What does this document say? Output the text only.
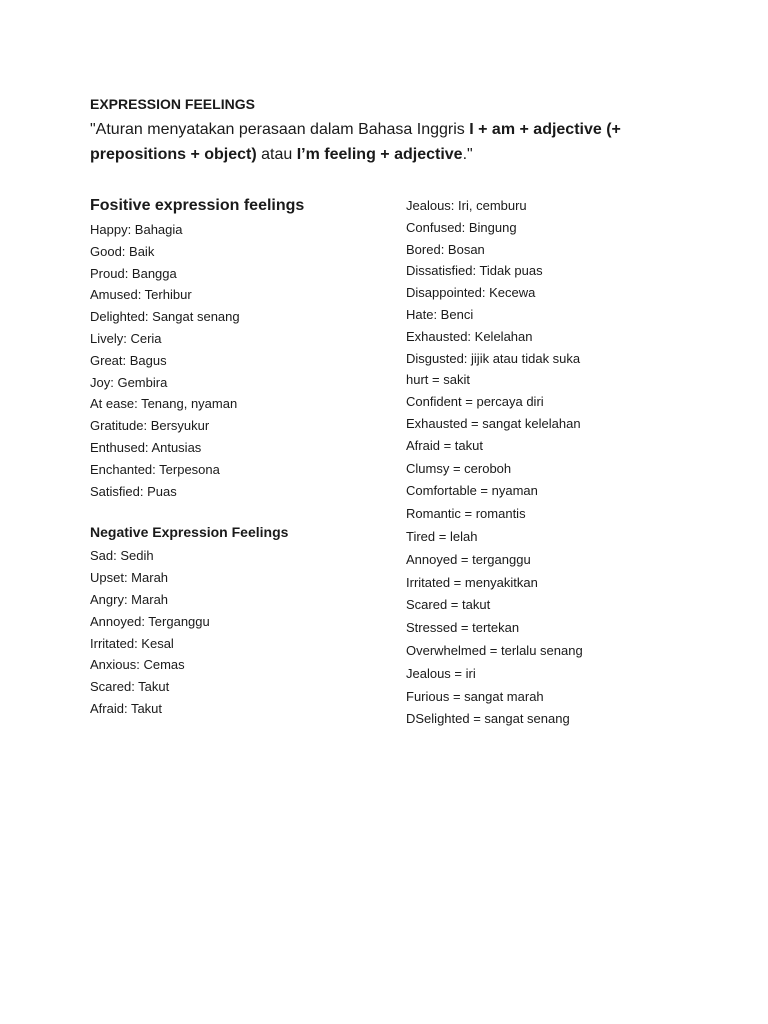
EXPRESSION FEELINGS
"Aturan menyatakan perasaan dalam Bahasa Inggris I + am + adjective (+ prepositions + object) atau I’m feeling + adjective."
Fositive expression feelings
Happy: Bahagia
Good: Baik
Proud: Bangga
Amused: Terhibur
Delighted: Sangat senang
Lively: Ceria
Great: Bagus
Joy: Gembira
At ease: Tenang, nyaman
Gratitude: Bersyukur
Enthused: Antusias
Enchanted: Terpesona
Satisfied: Puas
Negative Expression Feelings
Sad: Sedih
Upset: Marah
Angry: Marah
Annoyed: Terganggu
Irritated: Kesal
Anxious: Cemas
Scared: Takut
Afraid: Takut
Jealous: Iri, cemburu
Confused: Bingung
Bored: Bosan
Dissatisfied: Tidak puas
Disappointed: Kecewa
Hate: Benci
Exhausted: Kelelahan
Disgusted: jijik atau tidak suka
hurt = sakit
Confident = percaya diri
Exhausted = sangat kelelahan
Afraid = takut
Clumsy = ceroboh
Comfortable = nyaman
Romantic = romantis
Tired = lelah
Annoyed = terganggu
Irritated = menyakitkan
Scared = takut
Stressed = tertekan
Overwhelmed = terlalu senang
Jealous = iri
Furious = sangat marah
DSelighted = sangat senang
